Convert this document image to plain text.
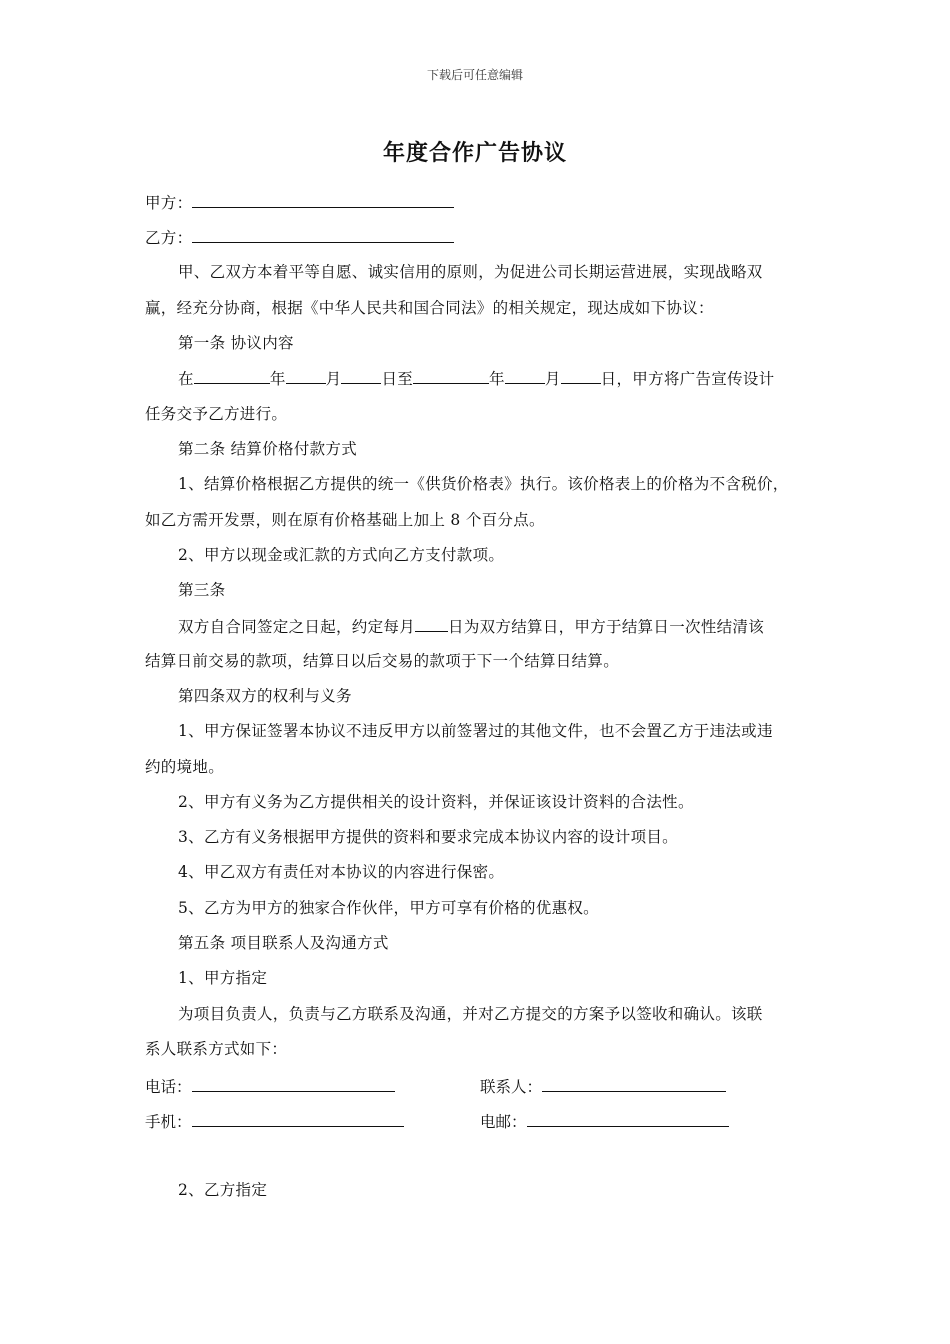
下载后可任意编辑
年度合作广告协议
甲方：
乙方：
甲、乙双方本着平等自愿、诚实信用的原则，为促进公司长期运营进展，实现战略双
赢，经充分协商，根据《中华人民共和国合同法》的相关规定，现达成如下协议：
第一条 协议内容
在	年	月	日至	年	月	日，甲方将广告宣传设计
任务交予乙方进行。
第二条 结算价格付款方式
1、结算价格根据乙方提供的统一《供货价格表》执行。该价格表上的价格为不含税价，
如乙方需开发票，则在原有价格基础上加上 8 个百分点。
2、甲方以现金或汇款的方式向乙方支付款项。
第三条
双方自合同签定之日起，约定每月 日为双方结算日，甲方于结算日一次性结清该
结算日前交易的款项，结算日以后交易的款项于下一个结算日结算。
第四条双方的权利与义务
1、甲方保证签署本协议不违反甲方以前签署过的其他文件，也不会置乙方于违法或违
约的境地。
2、甲方有义务为乙方提供相关的设计资料，并保证该设计资料的合法性。
3、乙方有义务根据甲方提供的资料和要求完成本协议内容的设计项目。
4、甲乙双方有责任对本协议的内容进行保密。
5、乙方为甲方的独家合作伙伴，甲方可享有价格的优惠权。
第五条 项目联系人及沟通方式
1、甲方指定
为项目负责人，负责与乙方联系及沟通，并对乙方提交的方案予以签收和确认。该联
系人联系方式如下：
电话：	联系人：
手机：	电邮：
2、乙方指定
